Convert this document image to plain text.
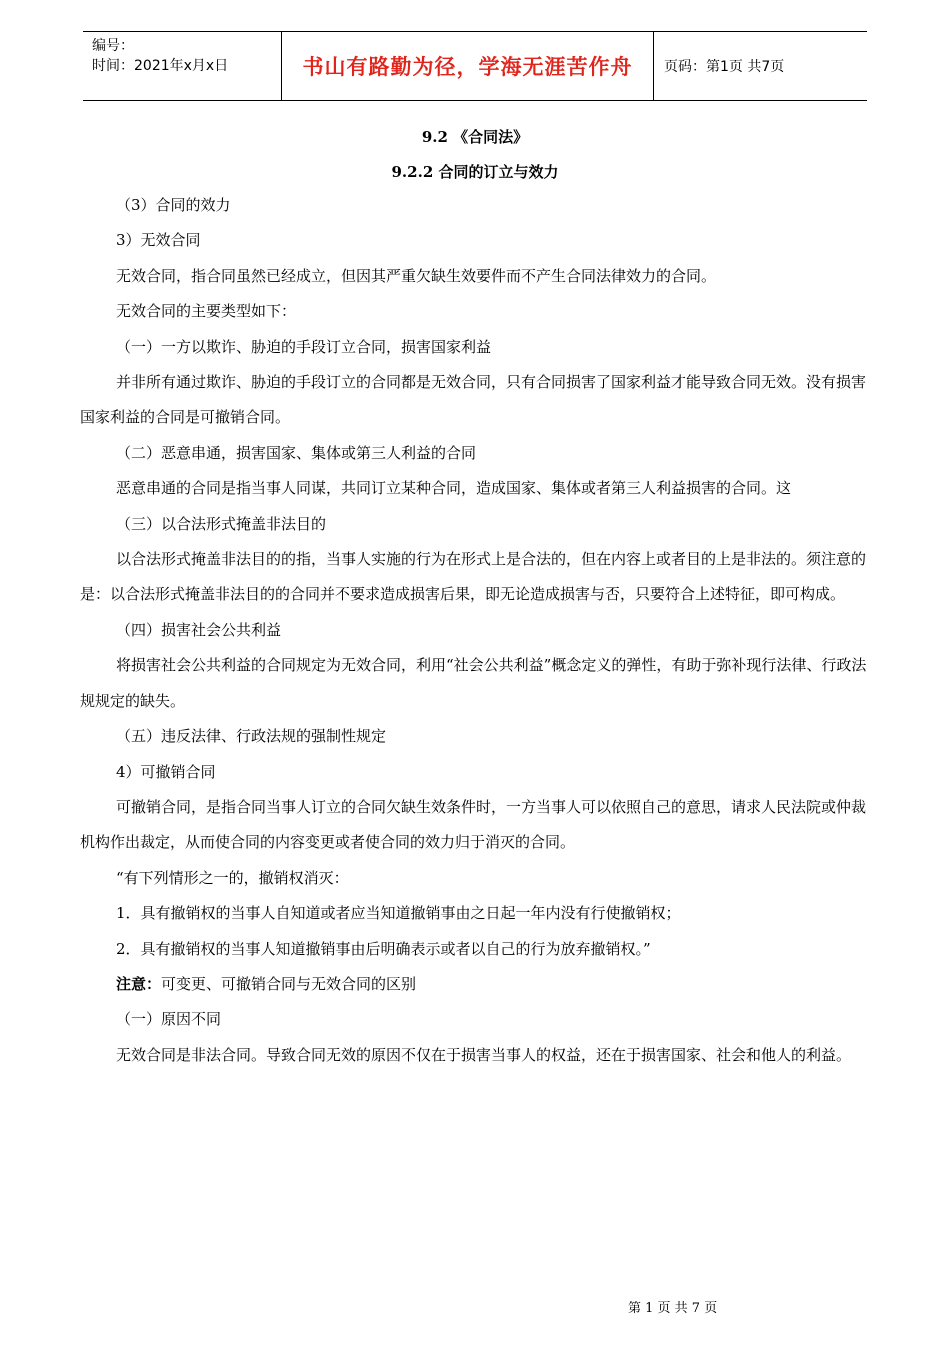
编号：
时间：2021年x月x日	书山有路勤为径，学海无涯苦作舟	页码：第1页 共7页
9.2 《合同法》
9.2.2 合同的订立与效力

（3）合同的效力

3）无效合同

无效合同，指合同虽然已经成立，但因其严重欠缺生效要件而不产生合同法律效力的合同。

无效合同的主要类型如下：

（一）一方以欺诈、胁迫的手段订立合同，损害国家利益

并非所有通过欺诈、胁迫的手段订立的合同都是无效合同，只有合同损害了国家利益才能导致合同无效。没有损害国家利益的合同是可撤销合同。

（二）恶意串通，损害国家、集体或第三人利益的合同

恶意串通的合同是指当事人同谋，共同订立某种合同，造成国家、集体或者第三人利益损害的合同。这

（三）以合法形式掩盖非法目的

以合法形式掩盖非法目的的指，当事人实施的行为在形式上是合法的，但在内容上或者目的上是非法的。须注意的是：以合法形式掩盖非法目的的合同并不要求造成损害后果，即无论造成损害与否，只要符合上述特征，即可构成。

（四）损害社会公共利益

将损害社会公共利益的合同规定为无效合同，利用“社会公共利益”概念定义的弹性，有助于弥补现行法律、行政法规规定的缺失。

（五）违反法律、行政法规的强制性规定

4）可撤销合同

可撤销合同，是指合同当事人订立的合同欠缺生效条件时，一方当事人可以依照自己的意思，请求人民法院或仲裁机构作出裁定，从而使合同的内容变更或者使合同的效力归于消灭的合同。

“有下列情形之一的，撤销权消灭：

1．具有撤销权的当事人自知道或者应当知道撤销事由之日起一年内没有行使撤销权；

2．具有撤销权的当事人知道撤销事由后明确表示或者以自己的行为放弃撤销权。”

注意：可变更、可撤销合同与无效合同的区别

（一）原因不同

无效合同是非法合同。导致合同无效的原因不仅在于损害当事人的权益，还在于损害国家、社会和他人的利益。

第 1 页 共 7 页
